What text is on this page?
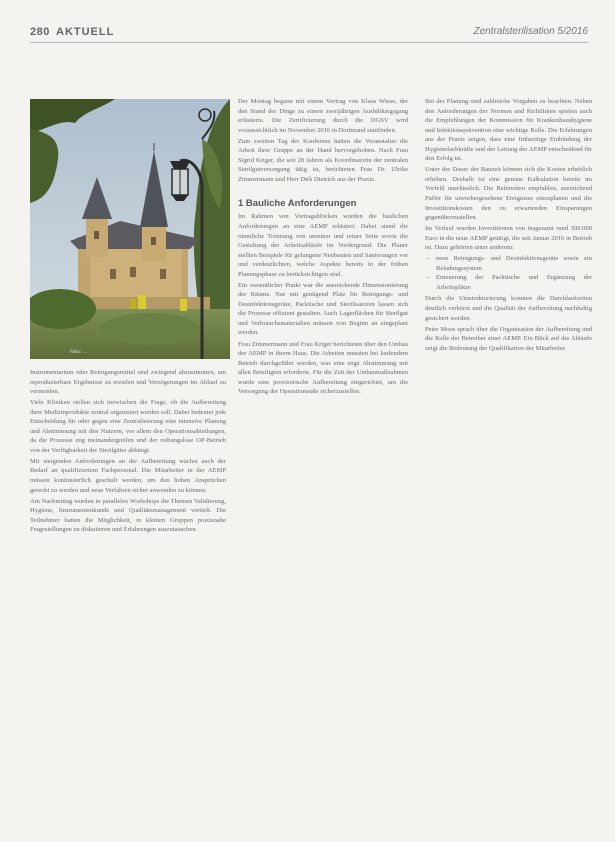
280 AKTUELL	Zentralsterilisation 5/2016
Foto: ...

Instrumentarium oder Reinigungsmittel sind zwingend abzustimmen, um reproduzierbare Ergebnisse zu erzielen und Verzögerungen im Ablauf zu vermeiden.

Viele Kliniken stellen sich inzwischen die Frage, ob die Aufbereitung ihrer Medizinprodukte zentral organisiert werden soll. Dabei bedeutet jede Entscheidung für oder gegen eine Zentralisierung eine intensive Planung und Abstimmung mit den Nutzern, vor allem den Operationsabteilungen, da die Prozesse eng ineinandergreifen und der reibungslose OP-Betrieb von der Verfügbarkeit der Sterilgüter abhängt.

Mit steigenden Anforderungen an die Aufbereitung wächst auch der Bedarf an qualifiziertem Fachpersonal. Die Mitarbeiter in der AEMP müssen kontinuierlich geschult werden, um den hohen Ansprüchen gerecht zu werden und neue Verfahren sicher anwenden zu können.

Am Nachmittag wurden in parallelen Workshops die Themen Validierung, Hygiene, Instrumentenkunde und Qualitätsmanagement vertieft. Die Teilnehmer hatten die Möglichkeit, in kleinen Gruppen praxisnahe Fragestellungen zu diskutieren und Erfahrungen auszutauschen.

Der Montag begann mit einem Vortrag von Klaus Wiese, der den Stand der Dinge zu einem zweijährigen Ausbildungsgang erläuterte. Die Zertifizierung durch die DGSV wird voraussichtlich im November 2016 in Dortmund stattfinden.

Zum zweiten Tag der Konferenz hatten die Veranstalter die Arbeit ihrer Gruppe an der Hand hervorgehoben. Nach Frau Sigrid Kriger, die seit 20 Jahren als Koordinatorin der zentralen Sterilgutversorgung tätig ist, berichteten Frau Dr. Ulrike Zimmermann und Herr Dirk Dietrich aus der Praxis.

1 Bauliche Anforderungen

Im Rahmen von Vortragsblöcken wurden die baulichen Anforderungen an eine AEMP erläutert. Dabei stand die räumliche Trennung von unreiner und reiner Seite sowie die Gestaltung der Arbeitsabläufe im Vordergrund. Die Planer stellten Beispiele für gelungene Neubauten und Sanierungen vor und verdeutlichten, welche Aspekte bereits in der frühen Planungsphase zu berücksichtigen sind.

Ein wesentlicher Punkt war die ausreichende Dimensionierung der Räume. Nur mit genügend Platz für Reinigungs- und Desinfektionsgeräte, Packtische und Sterilisatoren lassen sich die Prozesse effizient gestalten. Auch Lagerflächen für Sterilgut und Verbrauchsmaterialien müssen von Beginn an eingeplant werden.

Frau Zimmermann und Frau Kriger berichteten über den Umbau der AEMP in ihrem Haus. Die Arbeiten mussten bei laufendem Betrieb durchgeführt werden, was eine enge Abstimmung mit allen Beteiligten erforderte. Für die Zeit der Umbaumaßnahmen wurde eine provisorische Aufbereitung eingerichtet, um die Versorgung der Operationssäle sicherzustellen.

Bei der Planung sind zahlreiche Vorgaben zu beachten. Neben den Anforderungen der Normen und Richtlinien spielen auch die Empfehlungen der Kommission für Krankenhaushygiene und Infektionsprävention eine wichtige Rolle. Die Erfahrungen aus der Praxis zeigen, dass eine frühzeitige Einbindung der Hygienefachkräfte und der Leitung der AEMP entscheidend für den Erfolg ist.

Unter der Dauer der Bauzeit können sich die Kosten erheblich erhöhen. Deshalb ist eine genaue Kalkulation bereits im Vorfeld unerlässlich. Die Referenten empfahlen, ausreichend Puffer für unvorhergesehene Ereignisse einzuplanen und die Investitionskosten den zu erwartenden Einsparungen gegenüberzustellen.

Im Verlauf wurden Investitionen von insgesamt rund 500.000 Euro in die neue AEMP getätigt, die seit Januar 2016 in Betrieb ist. Dazu gehörten unter anderem:

– neue Reinigungs- und Desinfektionsgeräte sowie ein Beladungssystem
– Erneuerung der Packtische und Ergänzung der Arbeitsplätze

Durch die Umstrukturierung konnten die Durchlaufzeiten deutlich verkürzt und die Qualität der Aufbereitung nachhaltig gesichert werden.

Peter Moos sprach über die Organisation der Aufbereitung und die Rolle der Betreiber einer AEMP. Ein Blick auf die Abläufe zeigt die Bedeutung der Qualifikation der Mitarbeiter.
